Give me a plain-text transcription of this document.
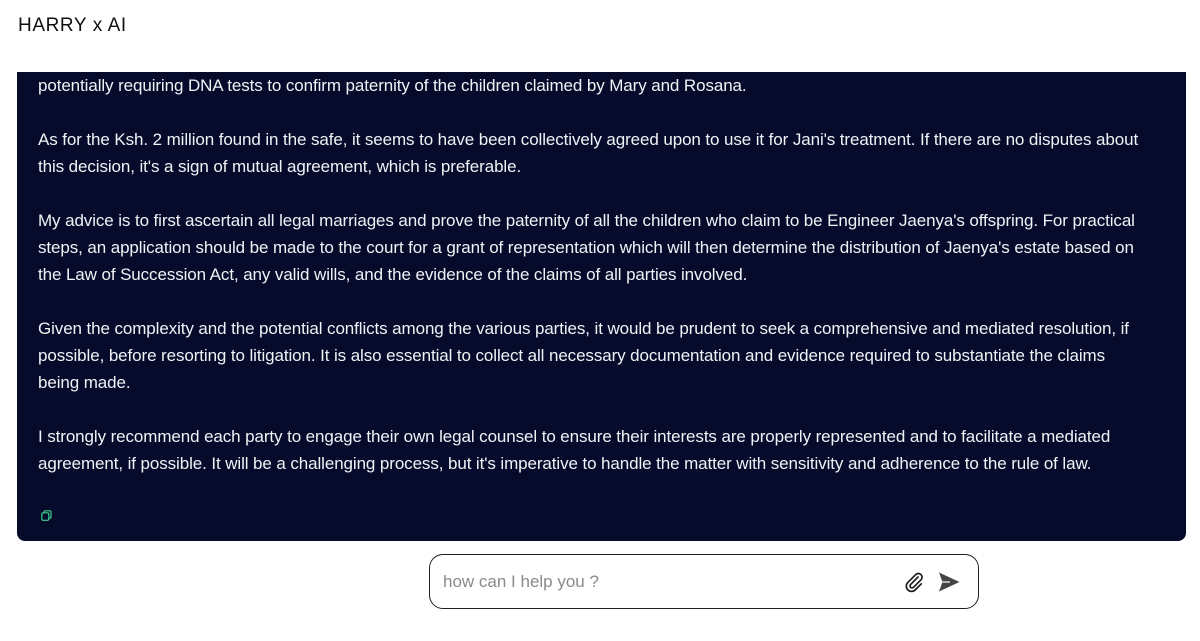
HARRY x AI

potentially requiring DNA tests to confirm paternity of the children claimed by Mary and Rosana.

As for the Ksh. 2 million found in the safe, it seems to have been collectively agreed upon to use it for Jani's treatment. If there are no disputes about this decision, it's a sign of mutual agreement, which is preferable.

My advice is to first ascertain all legal marriages and prove the paternity of all the children who claim to be Engineer Jaenya's offspring. For practical steps, an application should be made to the court for a grant of representation which will then determine the distribution of Jaenya's estate based on the Law of Succession Act, any valid wills, and the evidence of the claims of all parties involved.

Given the complexity and the potential conflicts among the various parties, it would be prudent to seek a comprehensive and mediated resolution, if possible, before resorting to litigation. It is also essential to collect all necessary documentation and evidence required to substantiate the claims being made.

I strongly recommend each party to engage their own legal counsel to ensure their interests are properly represented and to facilitate a mediated agreement, if possible. It will be a challenging process, but it's imperative to handle the matter with sensitivity and adherence to the rule of law.

how can I help you ?
